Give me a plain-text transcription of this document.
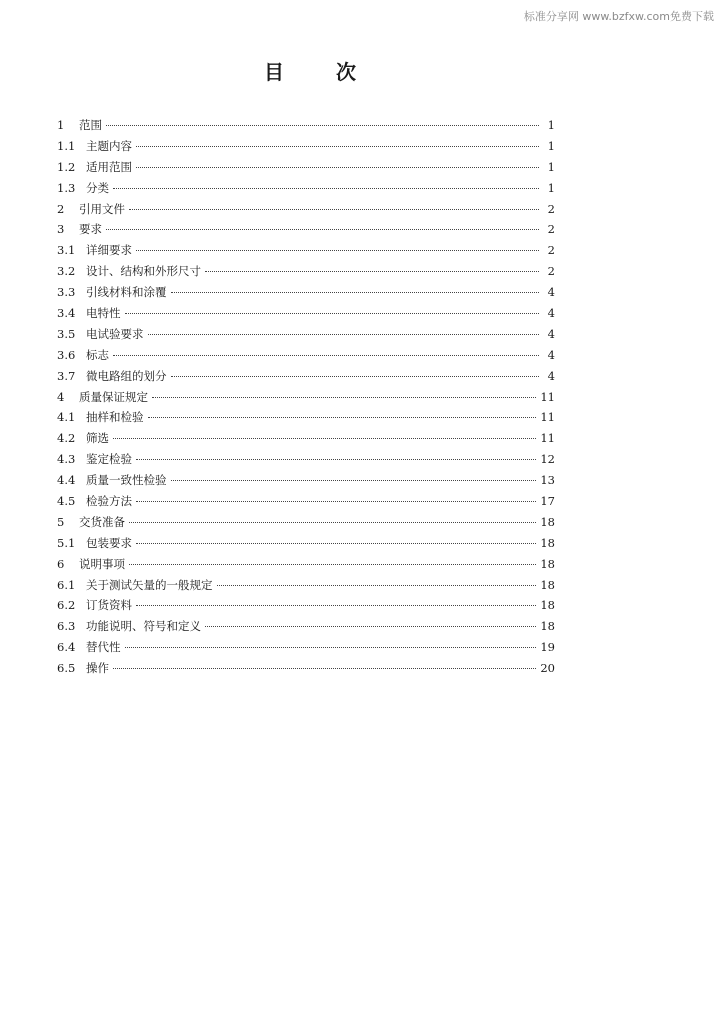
标准分享网 www.bzfxw.com免费下载
目次
1	范围	1
1.1 主题内容	1
1.2 适用范围	1
1.3 分类	1
2	引用文件	2
3	要求	2
3.1 详细要求	2
3.2 设计、结构和外形尺寸	2
3.3 引线材料和涂覆	4
3.4 电特性	4
3.5 电试验要求	4
3.6 标志	4
3.7 微电路组的划分	4
4	质量保证规定	11
4.1 抽样和检验	11
4.2 筛选	11
4.3 鉴定检验	12
4.4 质量一致性检验	13
4.5 检验方法	17
5	交货准备	18
5.1 包装要求	18
6	说明事项	18
6.1 关于测试矢量的一般规定	18
6.2 订货资料	18
6.3 功能说明、符号和定义	18
6.4 替代性	19
6.5 操作	20
